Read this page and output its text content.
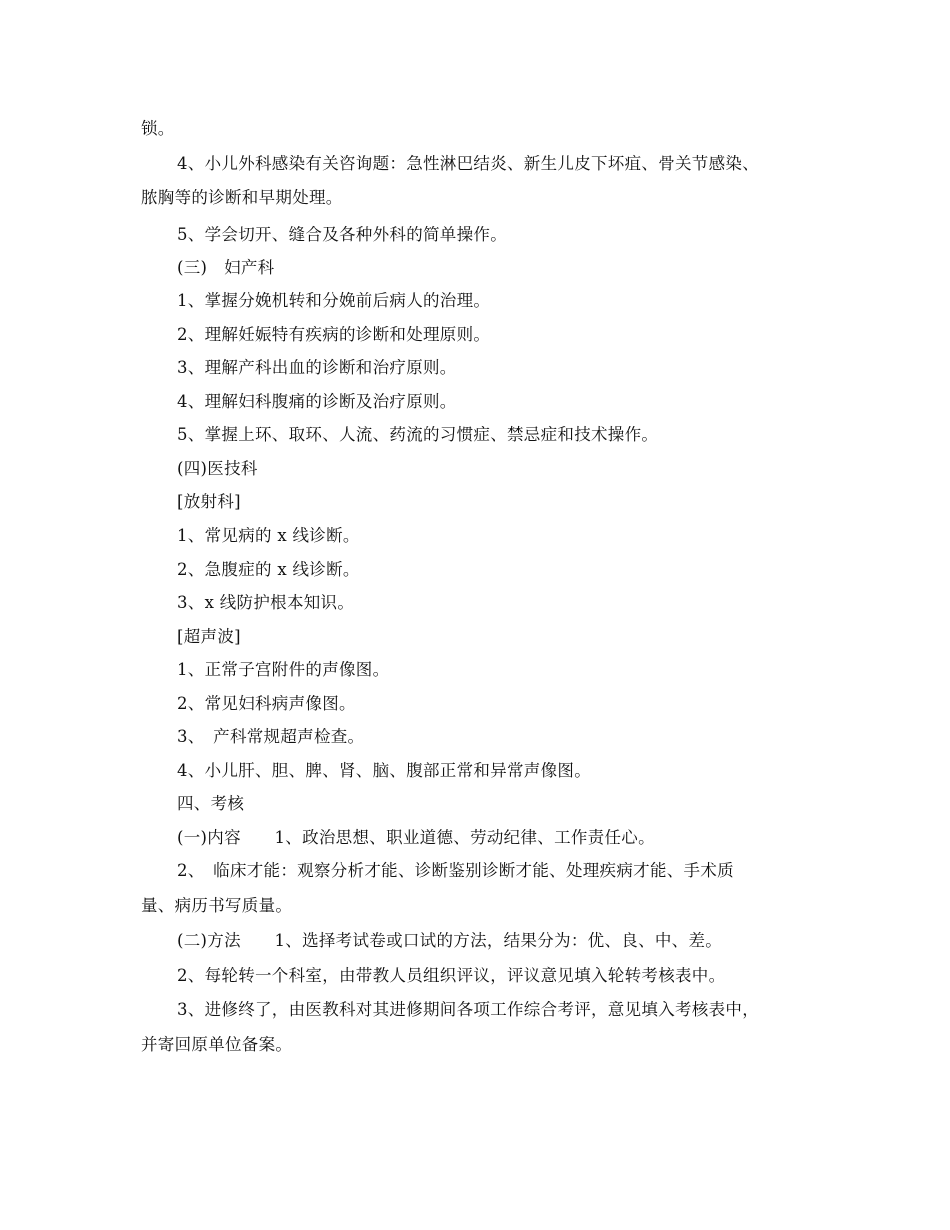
锁。
4、小儿外科感染有关咨询题：急性淋巴结炎、新生儿皮下坏疽、骨关节感染、
脓胸等的诊断和早期处理。
5、学会切开、缝合及各种外科的简单操作。
(三)　妇产科
1、掌握分娩机转和分娩前后病人的治理。
2、理解妊娠特有疾病的诊断和处理原则。
3、理解产科出血的诊断和治疗原则。
4、理解妇科腹痛的诊断及治疗原则。
5、掌握上环、取环、人流、药流的习惯症、禁忌症和技术操作。
(四)医技科
[放射科]
1、常见病的 x 线诊断。
2、急腹症的 x 线诊断。
3、x 线防护根本知识。
[超声波]
1、正常子宫附件的声像图。
2、常见妇科病声像图。
3、　产科常规超声检查。
4、小儿肝、胆、脾、肾、脑、腹部正常和异常声像图。
四、考核
(一)内容　　1、政治思想、职业道德、劳动纪律、工作责任心。
2、　临床才能：观察分析才能、诊断鉴别诊断才能、处理疾病才能、手术质
量、病历书写质量。
(二)方法　　1、选择考试卷或口试的方法，结果分为：优、良、中、差。
2、每轮转一个科室，由带教人员组织评议，评议意见填入轮转考核表中。
3、进修终了，由医教科对其进修期间各项工作综合考评，意见填入考核表中，
并寄回原单位备案。
